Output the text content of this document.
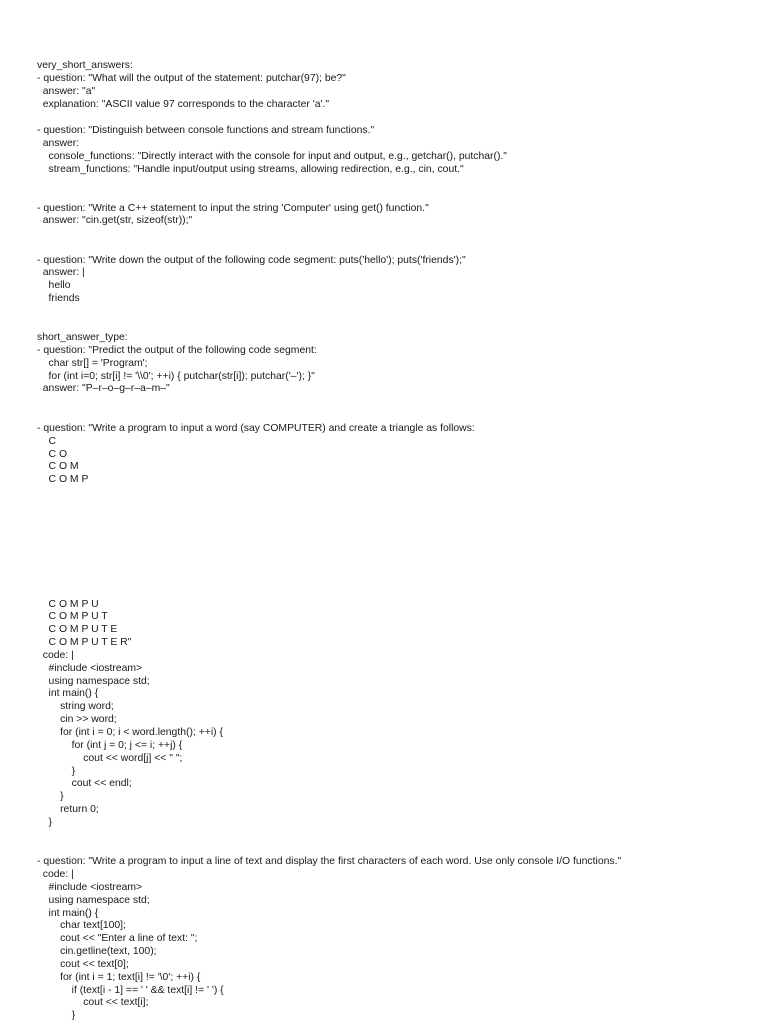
very_short_answers:

- question: "What will the output of the statement: putchar(97); be?"

answer: "a"

explanation: "ASCII value 97 corresponds to the character 'a'."

- question: "Distinguish between console functions and stream functions."

answer:

console_functions: "Directly interact with the console for input and output, e.g., getchar(), putchar()."

stream_functions: "Handle input/output using streams, allowing redirection, e.g., cin, cout."

- question: "Write a C++ statement to input the string 'Computer' using get() function."

answer: "cin.get(str, sizeof(str));"

- question: "Write down the output of the following code segment: puts('hello'); puts('friends');"

answer: |

hello

friends

short_answer_type:

- question: "Predict the output of the following code segment:

char str[] = 'Program';

for (int i=0; str[i] != '\\0'; ++i) { putchar(str[i]); putchar('–'); }"

answer: "P–r–o–g–r–a–m–"

- question: "Write a program to input a word (say COMPUTER) and create a triangle as follows:

C

C O

C O M

C O M P

C O M P U

C O M P U T

C O M P U T E

C O M P U T E R"

code: |

#include <iostream>

using namespace std;

int main() {

string word;

cin >> word;

for (int i = 0; i < word.length(); ++i) {

for (int j = 0; j <= i; ++j) {

cout << word[j] << " ";

}

cout << endl;

}

return 0;

}

- question: "Write a program to input a line of text and display the first characters of each word. Use only console I/O functions."

code: |

#include <iostream>

using namespace std;

int main() {

char text[100];

cout << "Enter a line of text: ";

cin.getline(text, 100);

cout << text[0];

for (int i = 1; text[i] != '\0'; ++i) {

if (text[i - 1] == ' ' && text[i] != ' ') {

cout << text[i];

}
